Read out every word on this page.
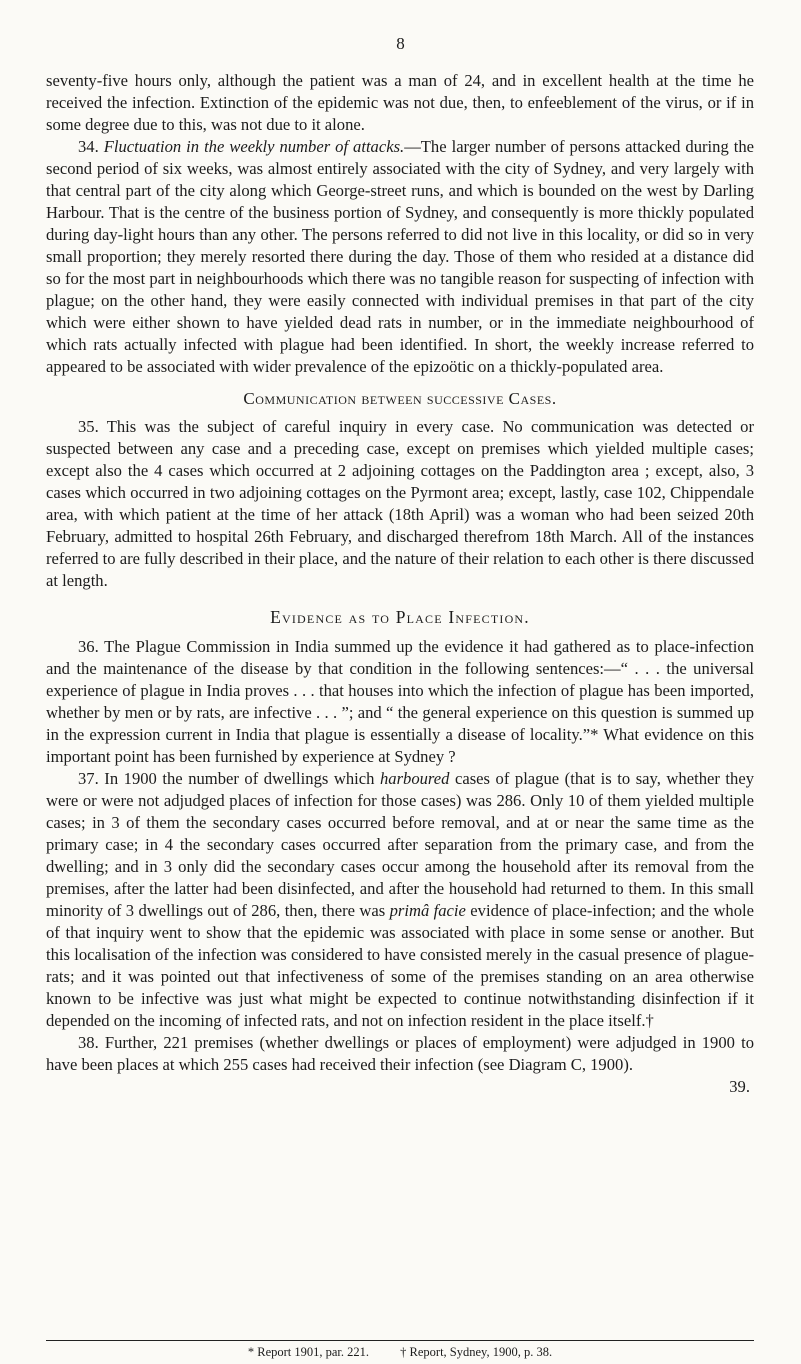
8

seventy-five hours only, although the patient was a man of 24, and in excellent health at the time he received the infection. Extinction of the epidemic was not due, then, to enfeeblement of the virus, or if in some degree due to this, was not due to it alone.

34. Fluctuation in the weekly number of attacks.—The larger number of persons attacked during the second period of six weeks, was almost entirely associated with the city of Sydney, and very largely with that central part of the city along which George-street runs, and which is bounded on the west by Darling Harbour. That is the centre of the business portion of Sydney, and consequently is more thickly populated during day-light hours than any other. The persons referred to did not live in this locality, or did so in very small proportion; they merely resorted there during the day. Those of them who resided at a distance did so for the most part in neighbourhoods which there was no tangible reason for suspecting of infection with plague; on the other hand, they were easily connected with individual premises in that part of the city which were either shown to have yielded dead rats in number, or in the immediate neighbourhood of which rats actually infected with plague had been identified. In short, the weekly increase referred to appeared to be associated with wider prevalence of the epizoötic on a thickly-populated area.

Communication between successive Cases.

35. This was the subject of careful inquiry in every case. No communication was detected or suspected between any case and a preceding case, except on premises which yielded multiple cases; except also the 4 cases which occurred at 2 adjoining cottages on the Paddington area ; except, also, 3 cases which occurred in two adjoining cottages on the Pyrmont area; except, lastly, case 102, Chippendale area, with which patient at the time of her attack (18th April) was a woman who had been seized 20th February, admitted to hospital 26th February, and discharged therefrom 18th March. All of the instances referred to are fully described in their place, and the nature of their relation to each other is there discussed at length.

Evidence as to Place Infection.

36. The Plague Commission in India summed up the evidence it had gathered as to place-infection and the maintenance of the disease by that condition in the following sentences:—“ . . . the universal experience of plague in India proves . . . that houses into which the infection of plague has been imported, whether by men or by rats, are infective . . . ”; and “ the general experience on this question is summed up in the expression current in India that plague is essentially a disease of locality.”* What evidence on this important point has been furnished by experience at Sydney ?

37. In 1900 the number of dwellings which harboured cases of plague (that is to say, whether they were or were not adjudged places of infection for those cases) was 286. Only 10 of them yielded multiple cases; in 3 of them the secondary cases occurred before removal, and at or near the same time as the primary case; in 4 the secondary cases occurred after separation from the primary case, and from the dwelling; and in 3 only did the secondary cases occur among the household after its removal from the premises, after the latter had been disinfected, and after the household had returned to them. In this small minority of 3 dwellings out of 286, then, there was primâ facie evidence of place-infection; and the whole of that inquiry went to show that the epidemic was associated with place in some sense or another. But this localisation of the infection was considered to have consisted merely in the casual presence of plague-rats; and it was pointed out that infectiveness of some of the premises standing on an area otherwise known to be infective was just what might be expected to continue notwithstanding disinfection if it depended on the incoming of infected rats, and not on infection resident in the place itself.†

38. Further, 221 premises (whether dwellings or places of employment) were adjudged in 1900 to have been places at which 255 cases had received their infection (see Diagram C, 1900).

39.
* Report 1901, par. 221. † Report, Sydney, 1900, p. 38.
